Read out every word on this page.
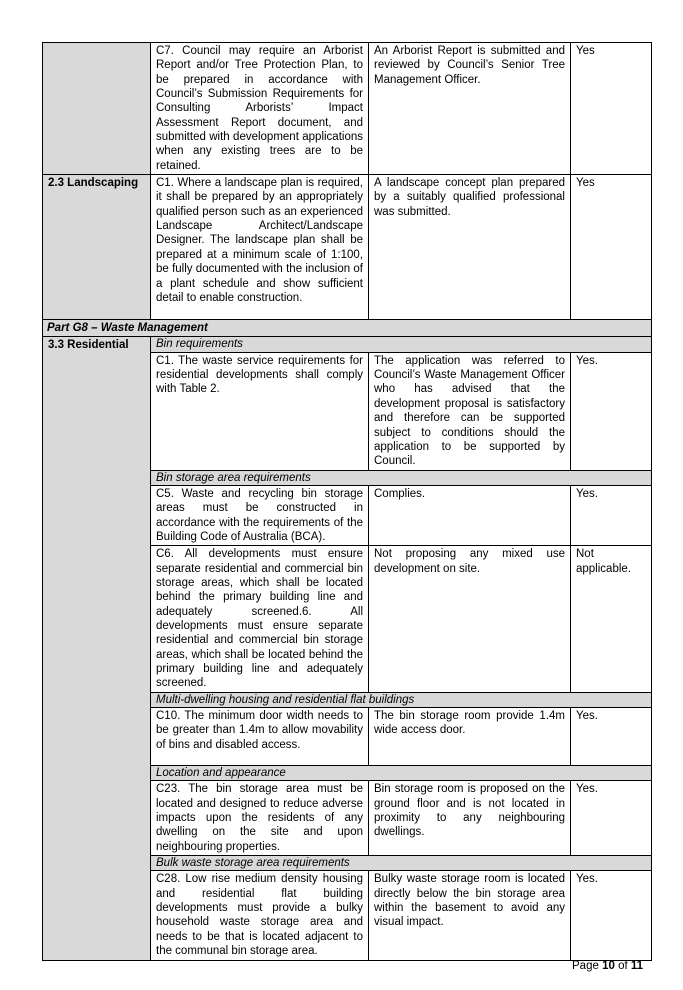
	C7. Council may require an Arborist Report and/or Tree Protection Plan, to be prepared in accordance with Council’s Submission Requirements for Consulting Arborists’ Impact Assessment Report document, and submitted with development applications when any existing trees are to be retained.	An Arborist Report is submitted and reviewed by Council’s Senior Tree Management Officer.	Yes
2.3 Landscaping	C1. Where a landscape plan is required, it shall be prepared by an appropriately qualified person such as an experienced Landscape Architect/Landscape Designer. The landscape plan shall be prepared at a minimum scale of 1:100, be fully documented with the inclusion of a plant schedule and show sufficient detail to enable construction.	A landscape concept plan prepared by a suitably qualified professional was submitted.	Yes
Part G8 – Waste Management			
3.3 Residential	Bin requirements		
	C1. The waste service requirements for residential developments shall comply with Table 2.	The application was referred to Council’s Waste Management Officer who has advised that the development proposal is satisfactory and therefore can be supported subject to conditions should the application to be supported by Council.	Yes.
	Bin storage area requirements		
	C5. Waste and recycling bin storage areas must be constructed in accordance with the requirements of the Building Code of Australia (BCA).	Complies.	Yes.
	C6. All developments must ensure separate residential and commercial bin storage areas, which shall be located behind the primary building line and adequately screened.6. All developments must ensure separate residential and commercial bin storage areas, which shall be located behind the primary building line and adequately screened.	Not proposing any mixed use development on site.	Not applicable.
	Multi-dwelling housing and residential flat buildings		
	C10. The minimum door width needs to be greater than 1.4m to allow movability of bins and disabled access.	The bin storage room provide 1.4m wide access door.	Yes.
	Location and appearance		
	C23. The bin storage area must be located and designed to reduce adverse impacts upon the residents of any dwelling on the site and upon neighbouring properties.	Bin storage room is proposed on the ground floor and is not located in proximity to any neighbouring dwellings.	Yes.
	Bulk waste storage area requirements		
	C28. Low rise medium density housing and residential flat building developments must provide a bulky household waste storage area and needs to be that is located adjacent to the communal bin storage area.	Bulky waste storage room is located directly below the bin storage area within the basement to avoid any visual impact.	Yes.
Page 10 of 11
